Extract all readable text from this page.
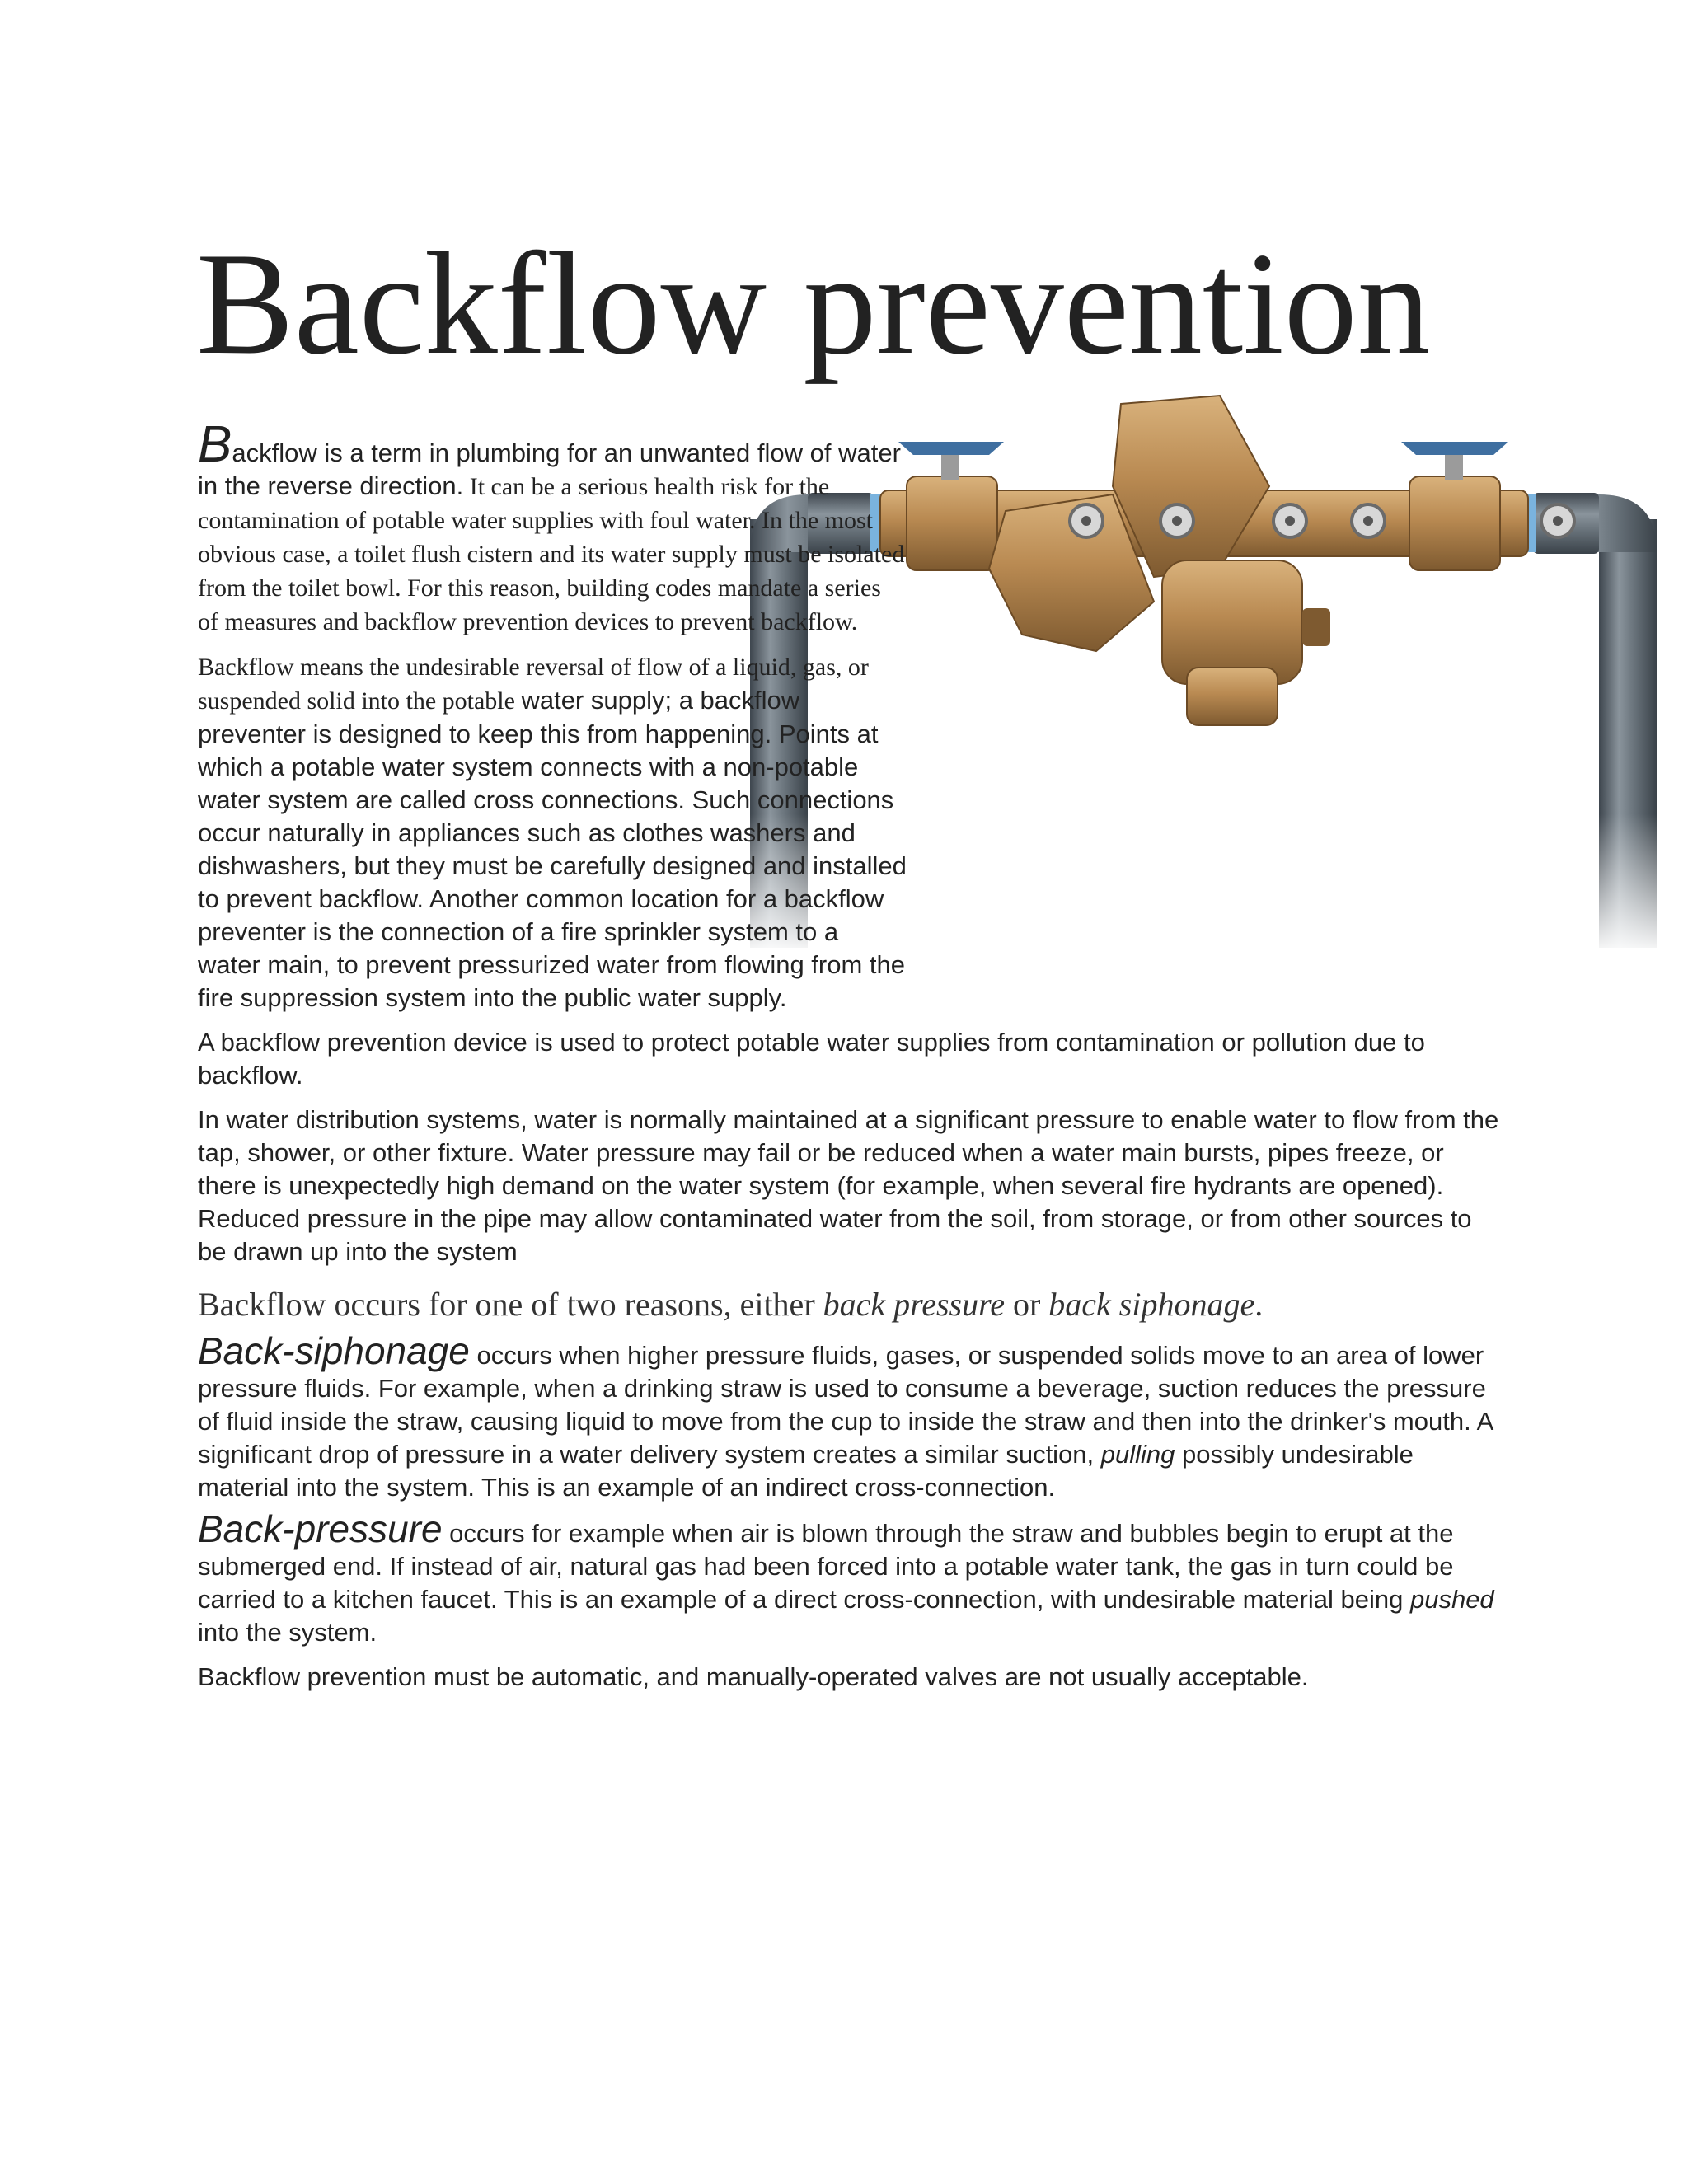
Backflow prevention

Backflow is a term in plumbing for an unwanted flow of water in the reverse direction. It can be a serious health risk for the contamination of potable water supplies with foul water. In the most obvious case, a toilet flush cistern and its water supply must be isolated from the toilet bowl. For this reason, building codes mandate a series of measures and backflow prevention devices to prevent backflow.

Backflow means the undesirable reversal of flow of a liquid, gas, or suspended solid into the potable water supply; a backflow preventer is designed to keep this from happening. Points at which a potable water system connects with a non-potable water system are called cross connections. Such connections occur naturally in appliances such as clothes washers and dishwashers, but they must be carefully designed and installed to prevent backflow. Another common location for a backflow preventer is the connection of a fire sprinkler system to a water main, to prevent pressurized water from flowing from the fire suppression system into the public water supply.

A backflow prevention device is used to protect potable water supplies from contamination or pollution due to backflow.

In water distribution systems, water is normally maintained at a significant pressure to enable water to flow from the tap, shower, or other fixture. Water pressure may fail or be reduced when a water main bursts, pipes freeze, or there is unexpectedly high demand on the water system (for example, when several fire hydrants are opened). Reduced pressure in the pipe may allow contaminated water from the soil, from storage, or from other sources to be drawn up into the system

Backflow occurs for one of two reasons, either back pressure or back siphonage.

Back-siphonage occurs when higher pressure fluids, gases, or suspended solids move to an area of lower pressure fluids. For example, when a drinking straw is used to consume a beverage, suction reduces the pressure of fluid inside the straw, causing liquid to move from the cup to inside the straw and then into the drinker's mouth. A significant drop of pressure in a water delivery system creates a similar suction, pulling possibly undesirable material into the system. This is an example of an indirect cross-connection.

Back-pressure occurs for example when air is blown through the straw and bubbles begin to erupt at the submerged end. If instead of air, natural gas had been forced into a potable water tank, the gas in turn could be carried to a kitchen faucet. This is an example of a direct cross-connection, with undesirable material being pushed into the system.

Backflow prevention must be automatic, and manually-operated valves are not usually acceptable.
